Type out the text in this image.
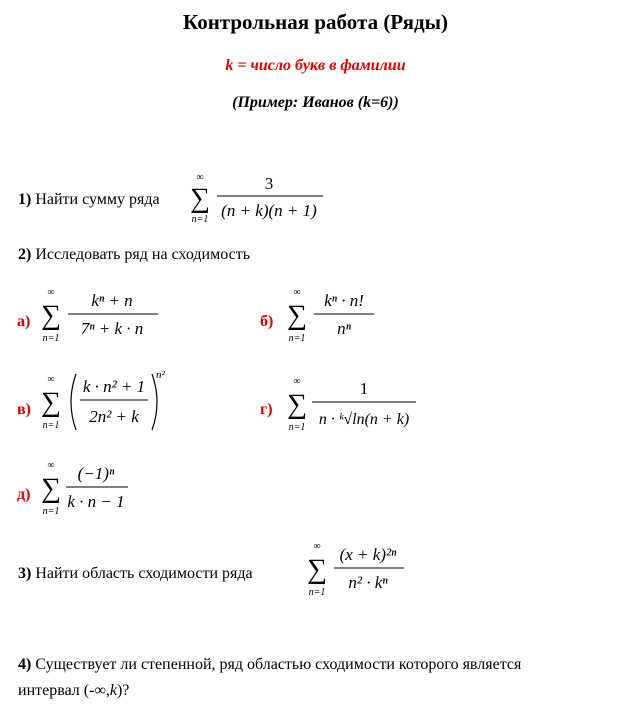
Контрольная работа (Ряды)
k = число букв в фамилии
(Пример: Иванов (k=6))
1) Найти сумму ряда
∞
∑
n=1
3
(n + k)(n + 1)
2) Исследовать ряд на сходимость
а)
∞
∑
n=1
kⁿ + n
7ⁿ + k · n	б)
∞
∑
n=1
kⁿ · n!
nⁿ
в)
∞
∑
n=1
k · n² + 1
2n² + k
n²
г)
∞
∑
n=1
1
n · ᵏ√ln(n + k)
д)
∞
∑
n=1
(−1)ⁿ
k · n − 1
3) Найти область сходимости ряда
∞
∑
n=1
(x + k)²ⁿ
n² · kⁿ
4) Существует ли степенной, ряд областью сходимости которого является
интервал (-∞,k)?
